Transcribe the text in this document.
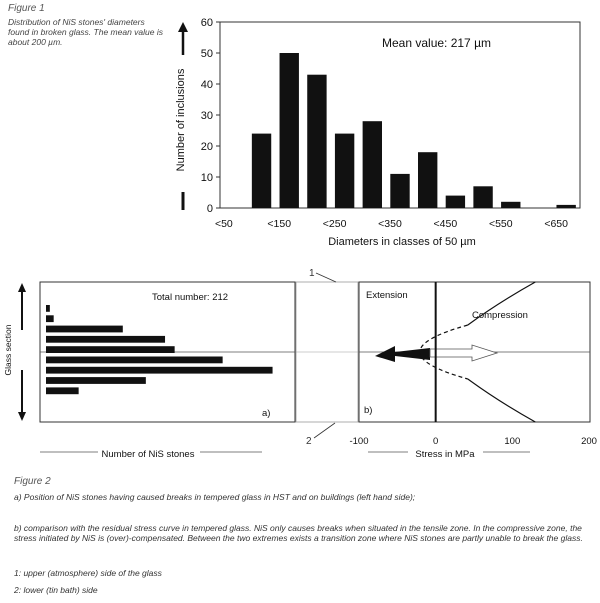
Figure 1
Distribution of NiS stones' diameters found in broken glass. The mean value is about 200 µm.	Mean value: 217 µm
Diameters in classes of 50 µm
Number of inclusions
0
10
20
30
40
50
60
<50	<150	<250	<350	<450	<550	<650
Total number: 212
a)
Number of NiS stones
Glass section
1
2
Extension
Compression
b)
Stress in MPa
-100	0	100	200
Figure 2
a) Position of NiS stones having caused breaks in tempered glass in HST and on buildings (left hand side);
b) comparison with the residual stress curve in tempered glass. NiS only causes breaks when situated in the tensile zone. In the compressive zone, the stress initiated by NiS is (over)-compensated. Between the two extremes exists a transition zone where NiS stones are partly unable to break the glass.
1: upper (atmosphere) side of the glass
2: lower (tin bath) side
